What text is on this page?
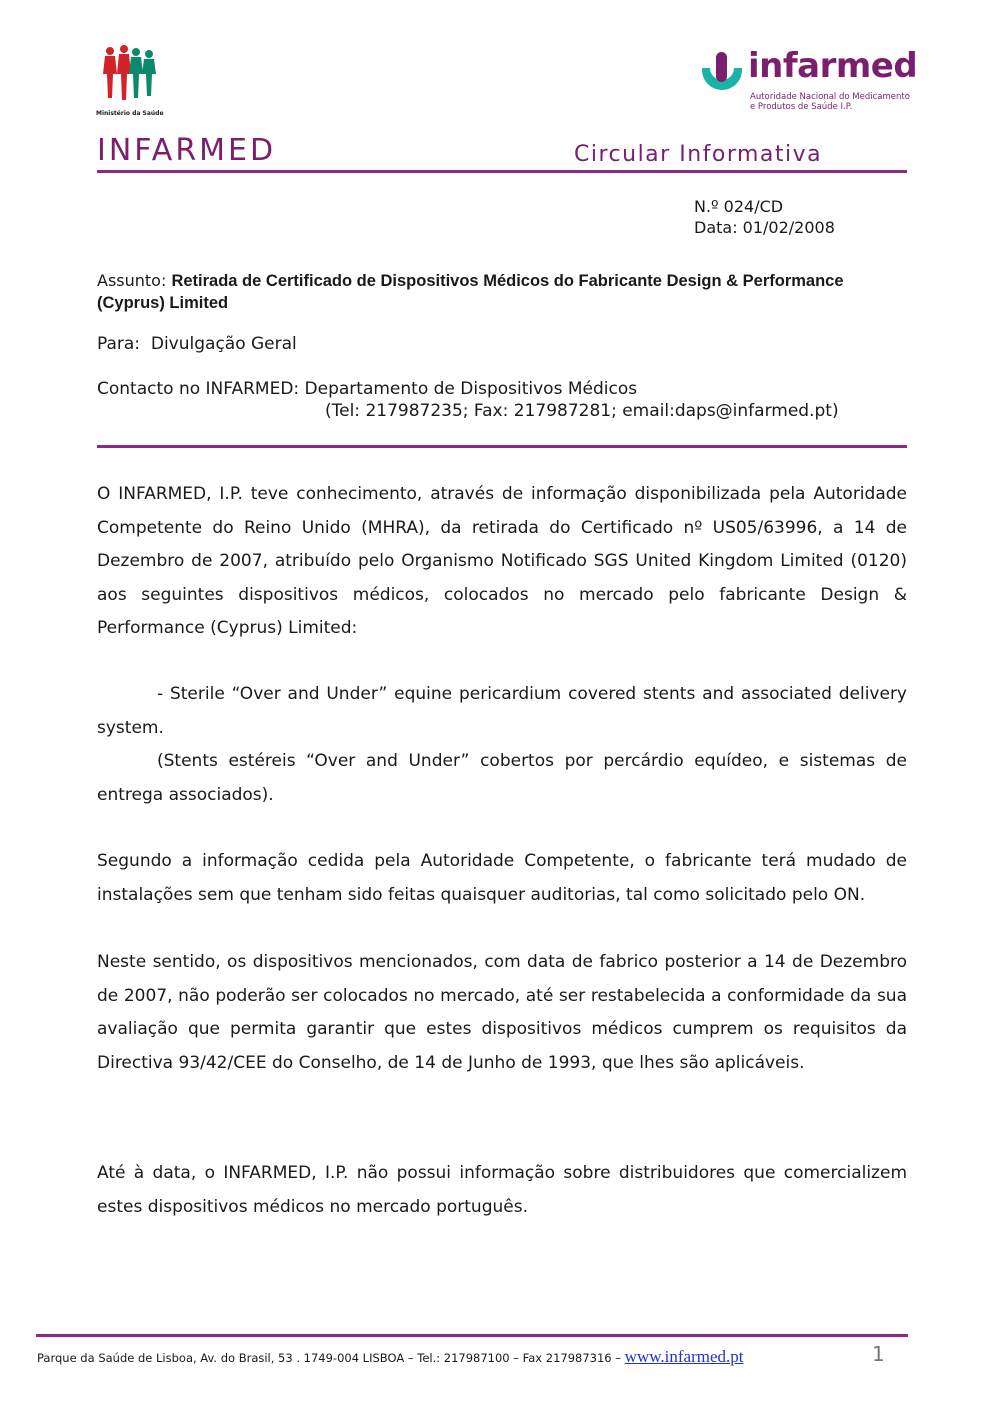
Ministério da Saúde
infarmed
Autoridade Nacional do Medicamento
e Produtos de Saúde I.P.
INFARMED	Circular Informativa
N.º 024/CD
Data: 01/02/2008
Assunto: Retirada de Certificado de Dispositivos Médicos do Fabricante Design & Performance (Cyprus) Limited
Para: Divulgação Geral
Contacto no INFARMED: Departamento de Dispositivos Médicos
(Tel: 217987235; Fax: 217987281; email:daps@infarmed.pt)
O INFARMED, I.P. teve conhecimento, através de informação disponibilizada pela Autoridade Competente do Reino Unido (MHRA), da retirada do Certificado nº US05/63996, a 14 de Dezembro de 2007, atribuído pelo Organismo Notificado SGS United Kingdom Limited (0120) aos seguintes dispositivos médicos, colocados no mercado pelo fabricante Design & Performance (Cyprus) Limited:
- Sterile “Over and Under” equine pericardium covered stents and associated delivery system.
(Stents estéreis “Over and Under” cobertos por percárdio equídeo, e sistemas de entrega associados).
Segundo a informação cedida pela Autoridade Competente, o fabricante terá mudado de instalações sem que tenham sido feitas quaisquer auditorias, tal como solicitado pelo ON.
Neste sentido, os dispositivos mencionados, com data de fabrico posterior a 14 de Dezembro de 2007, não poderão ser colocados no mercado, até ser restabelecida a conformidade da sua avaliação que permita garantir que estes dispositivos médicos cumprem os requisitos da Directiva 93/42/CEE do Conselho, de 14 de Junho de 1993, que lhes são aplicáveis.
Até à data, o INFARMED, I.P. não possui informação sobre distribuidores que comercializem estes dispositivos médicos no mercado português.
Parque da Saúde de Lisboa, Av. do Brasil, 53 . 1749-004 LISBOA – Tel.: 217987100 – Fax 217987316 – www.infarmed.pt	1
